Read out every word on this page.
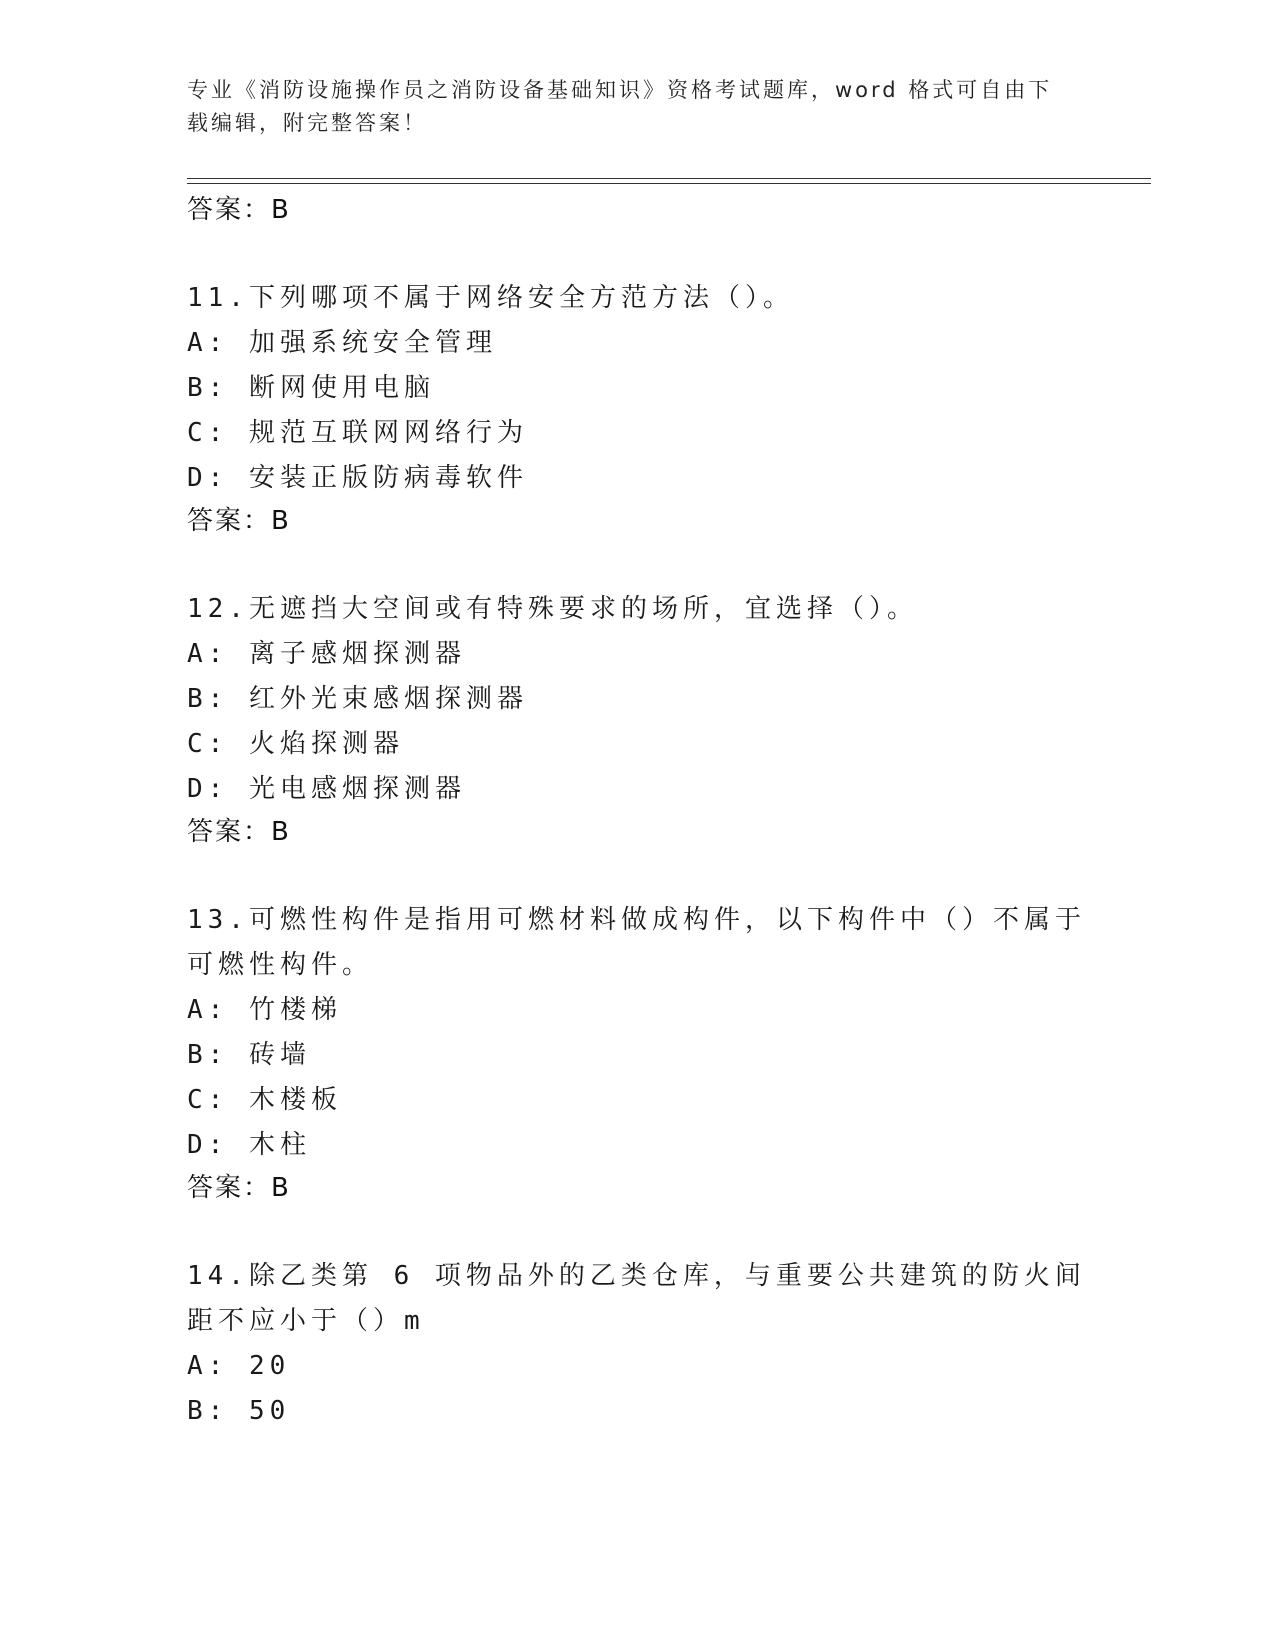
专业《消防设施操作员之消防设备基础知识》资格考试题库，word 格式可自由下载编辑，附完整答案！
答案：B
11.下列哪项不属于网络安全方范方法（）。
A: 加强系统安全管理
B: 断网使用电脑
C: 规范互联网网络行为
D: 安装正版防病毒软件
答案：B
12.无遮挡大空间或有特殊要求的场所，宜选择（）。
A: 离子感烟探测器
B: 红外光束感烟探测器
C: 火焰探测器
D: 光电感烟探测器
答案：B
13.可燃性构件是指用可燃材料做成构件，以下构件中（）不属于可燃性构件。
A: 竹楼梯
B: 砖墙
C: 木楼板
D: 木柱
答案：B
14.除乙类第 6 项物品外的乙类仓库，与重要公共建筑的防火间距不应小于（）m
A: 20
B: 50
